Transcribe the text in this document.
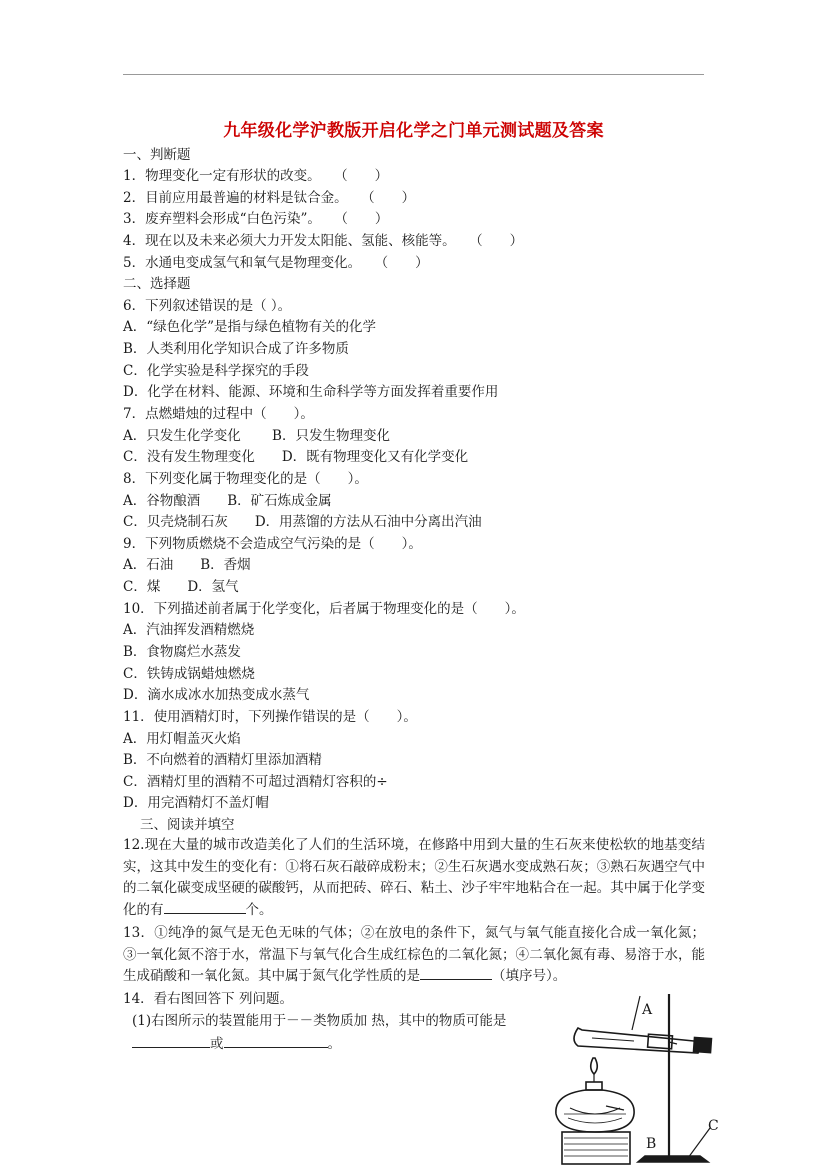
九年级化学沪教版开启化学之门单元测试题及答案
一、判断题
1．物理变化一定有形状的改变。　　（　　）
2．目前应用最普遍的材料是钛合金。　　（　　）
3．废弃塑料会形成“白色污染”。　　（　　）
4．现在以及未来必须大力开发太阳能、氢能、核能等。　　（　　）
5．水通电变成氢气和氧气是物理变化。　　（　　）
二、选择题
6．下列叙述错误的是（ ）。
A．“绿色化学”是指与绿色植物有关的化学
B．人类利用化学知识合成了许多物质
C．化学实验是科学探究的手段
D．化学在材料、能源、环境和生命科学等方面发挥着重要作用
7．点燃蜡烛的过程中（　　）。
A．只发生化学变化　　 B．只发生物理变化
C．没有发生物理变化　　D．既有物理变化又有化学变化
8．下列变化属于物理变化的是（　　）。
A．谷物酿酒　　B．矿石炼成金属
C．贝壳烧制石灰　　D．用蒸馏的方法从石油中分离出汽油
9．下列物质燃烧不会造成空气污染的是（　　）。
A．石油　　B．香烟
C．煤　　D．氢气
10．下列描述前者属于化学变化，后者属于物理变化的是（　　）。
A．汽油挥发酒精燃烧
B．食物腐烂水蒸发
C．铁铸成锅蜡烛燃烧
D．滴水成冰水加热变成水蒸气
11．使用酒精灯时，下列操作错误的是（　　）。
A．用灯帽盖灭火焰
B．不向燃着的酒精灯里添加酒精
C．酒精灯里的酒精不可超过酒精灯容积的÷
D．用完酒精灯不盖灯帽
三、阅读并填空
12.现在大量的城市改造美化了人们的生活环境，在修路中用到大量的生石灰来使松软的地基变结实，这其中发生的变化有：①将石灰石敲碎成粉末；②生石灰遇水变成熟石灰；③熟石灰遇空气中的二氧化碳变成坚硬的碳酸钙，从而把砖、碎石、粘土、沙子牢牢地粘合在一起。其中属于化学变化的有	个。
13．①纯净的氮气是无色无味的气体；②在放电的条件下，氮气与氧气能直接化合成一氧化氮；③一氧化氮不溶于水，常温下与氧气化合生成红棕色的二氧化氮；④二氧化氮有毒、易溶于水，能生成硝酸和一氧化氮。其中属于氮气化学性质的是	（填序号）。
14．看右图回答下 列问题。
(1)右图所示的装置能用于－－类物质加 热，其中的物质可能是
或	。
A
B
C
